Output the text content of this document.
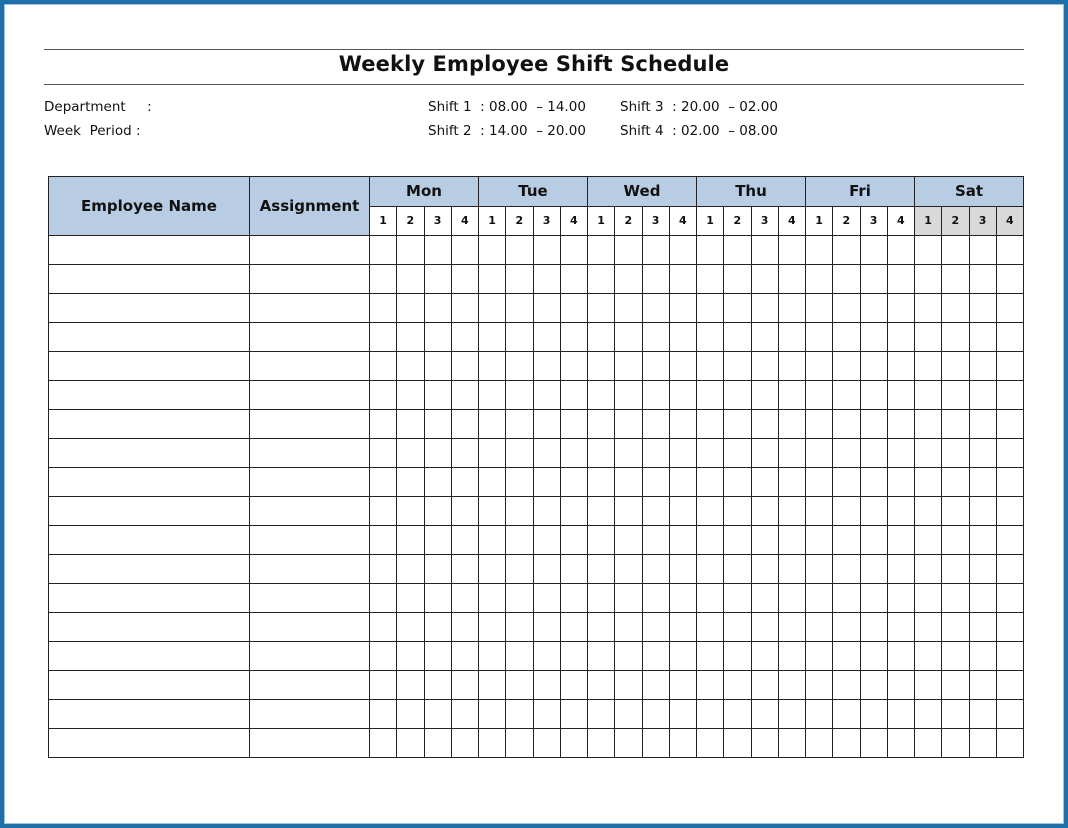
Weekly Employee Shift Schedule
Department     :
Week  Period :
Shift 1  : 08.00  – 14.00
Shift 2  : 14.00  – 20.00
Shift 3  : 20.00  – 02.00
Shift 4  : 02.00  – 08.00
Employee Name	Assignment	Mon				Tue				Wed				Thu				Fri				Sat			
		1	2	3	4	1	2	3	4	1	2	3	4	1	2	3	4	1	2	3	4	1	2	3	4
